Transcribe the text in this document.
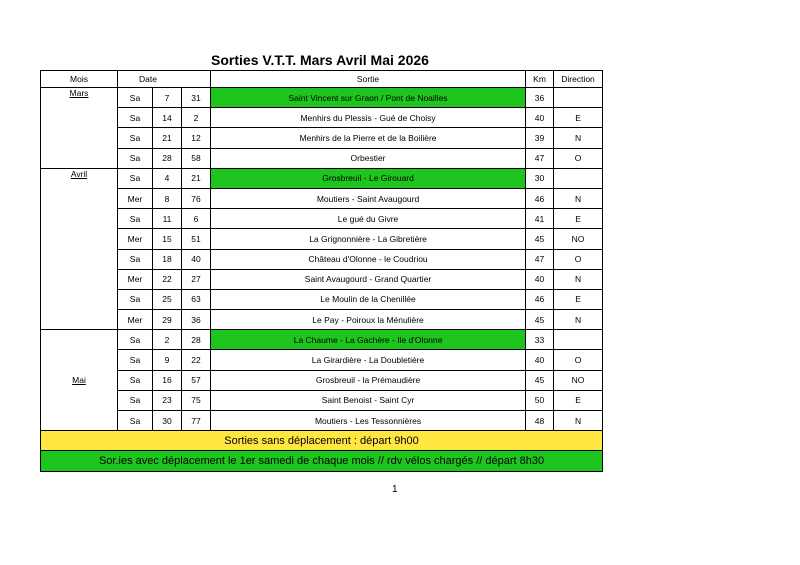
Sorties V.T.T. Mars Avril Mai 2026
Mois	Date			Sortie	Km	Direction
Mars	Sa	7	31	Saint Vincent sur Graon / Pont de Noailles	36	
	Sa	14	2	Menhirs du Plessis - Gué de Choisy	40	E
	Sa	21	12	Menhirs de la Pierre et de la Boilière	39	N
	Sa	28	58	Orbestier	47	O
Avril	Sa	4	21	Grosbreuil - Le Girouard	30	
	Mer	8	76	Moutiers - Saint Avaugourd	46	N
	Sa	11	6	Le gué du Givre	41	E
	Mer	15	51	La Grignonnière - La Gibretière	45	NO
	Sa	18	40	Château d'Olonne - le Coudriou	47	O
	Mer	22	27	Saint Avaugourd - Grand Quartier	40	N
	Sa	25	63	Le Moulin de la Chenillée	46	E
	Mer	29	36	Le Pay - Poiroux la Ménulière	45	N
Mai	Sa	2	28	La Chaume - La Gachère - Ile d'Olonne	33	
	Sa	9	22	La Girardière - La Doubletière	40	O
	Sa	16	57	Grosbreuil - la Prémaudière	45	NO
	Sa	23	75	Saint Benoist - Saint Cyr	50	E
	Sa	30	77	Moutiers - Les Tessonnières	48	N
Sorties sans déplacement : départ 9h00						
Sor.ies avec déplacement le 1er samedi de chaque mois // rdv vélos chargés // départ 8h30						
1
